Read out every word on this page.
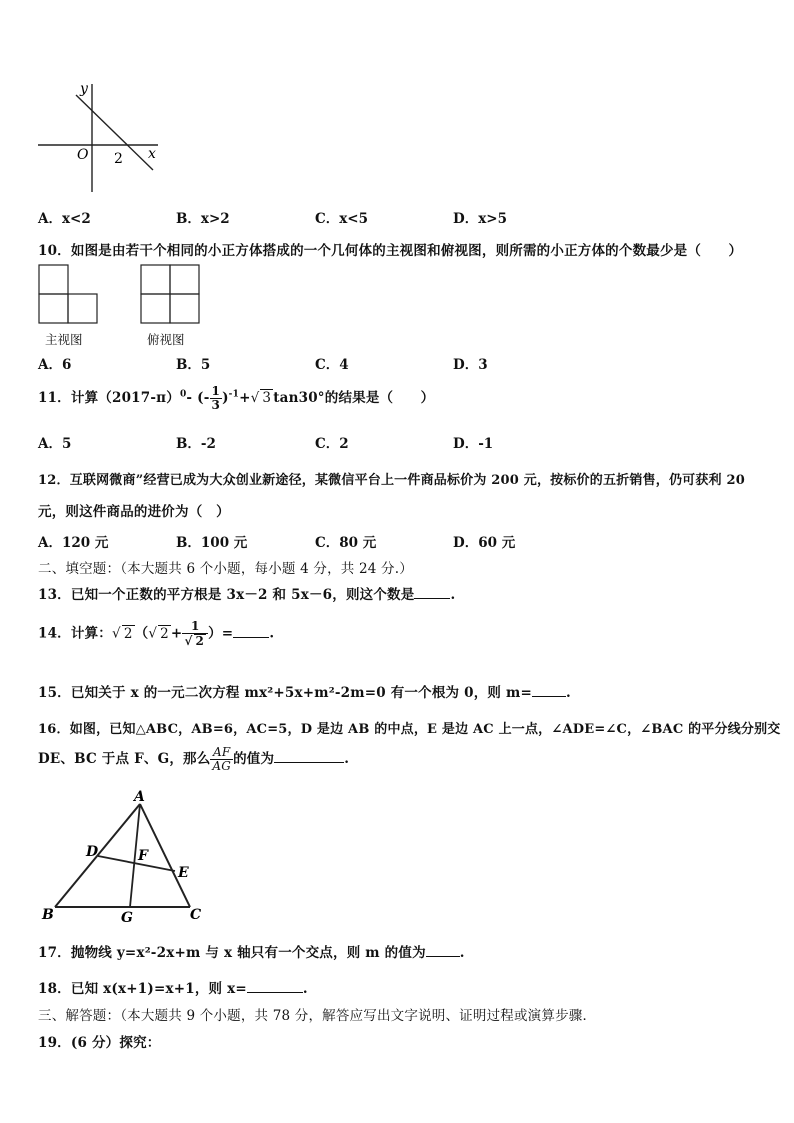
y
x
O 2
A．x<2	B．x>2	C．x<5	D．x>5
10．如图是由若干个相同的小正方体搭成的一个几何体的主视图和俯视图，则所需的小正方体的个数最少是（　　）
主视图	俯视图
A．6	B．5	C．4	D．3
11．计算$(2017-\pi)^0-$ (- $\frac{1}{3} )^{-1}+√$ 3 tan30°的结果是（　　）
A．5	B．-2	C．2	D．-1
12．互联网微商”经营已成为大众创业新途径，某微信平台上一件商品标价为 200 元，按标价的五折销售，仍可获利 20
元，则这件商品的进价为（　）
A．120 元	B．100 元	C．80 元	D．60 元
二、填空题：（本大题共 6 个小题，每小题 4 分，共 24 分.）
13．已知一个正数的平方根是 3x－2 和 5x－6，则这个数是	.
14．计算：√ 2 （√ $2 + \frac{1}{√ 2}$ ）=	.
15．已知关于 x 的一元二次方程 mx²+5x+m²-2m=0 有一个根为 0，则 m=	.
16．如图，已知△ABC，AB=6，AC=5，D 是边 AB 的中点，E 是边 AC 上一点，∠ADE=∠C，∠BAC 的平分线分别交
DE、BC 于点 F、G，那么 $\frac{AF}{AG}$ 的值为	.
A
B	C
D
E
F
G
17．抛物线 y=x²-2x+m 与 x 轴只有一个交点，则 m 的值为	.
18．已知 x(x+1)=x+1，则 x=	.
三、解答题：（本大题共 9 个小题，共 78 分，解答应写出文字说明、证明过程或演算步骤．
19．(6 分）探究：
